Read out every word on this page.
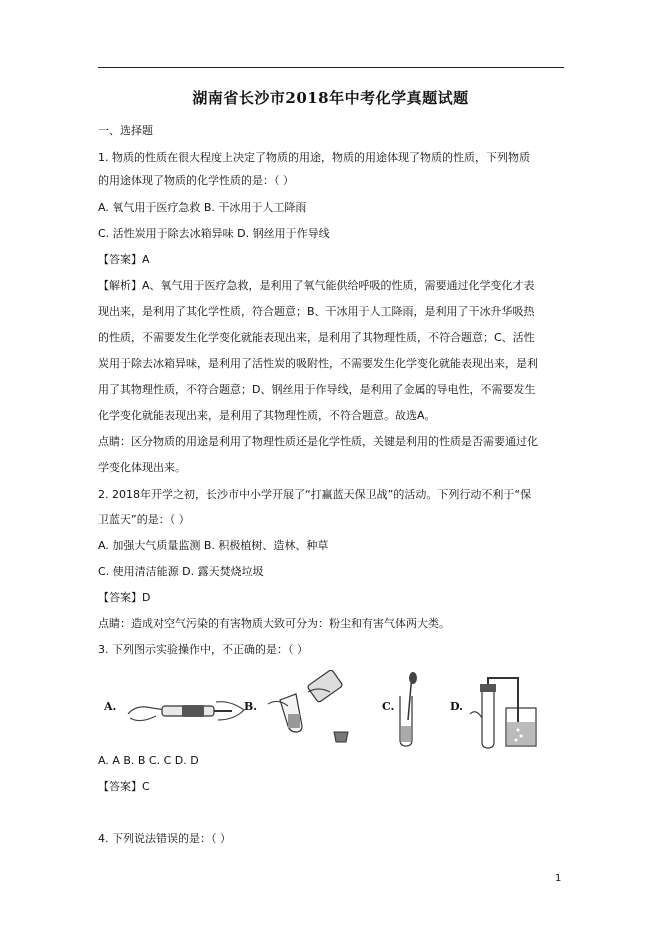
湖南省长沙市2018年中考化学真题试题
一、选择题
1. 物质的性质在很大程度上决定了物质的用途，物质的用途体现了物质的性质，下列物质
的用途体现了物质的化学性质的是：（ ）
A. 氧气用于医疗急救 B. 干冰用于人工降雨
C. 活性炭用于除去冰箱异味 D. 钢丝用于作导线
【答案】A
【解析】A、氧气用于医疗急救，是利用了氧气能供给呼吸的性质，需要通过化学变化才表
现出来，是利用了其化学性质，符合题意；B、干冰用于人工降雨，是利用了干冰升华吸热
的性质，不需要发生化学变化就能表现出来，是利用了其物理性质，不符合题意；C、活性
炭用于除去冰箱异味，是利用了活性炭的吸附性，不需要发生化学变化就能表现出来，是利
用了其物理性质，不符合题意；D、钢丝用于作导线，是利用了金属的导电性，不需要发生
化学变化就能表现出来，是利用了其物理性质，不符合题意。故选A。
点睛：区分物质的用途是利用了物理性质还是化学性质，关键是利用的性质是否需要通过化
学变化体现出来。
2. 2018年开学之初，长沙市中小学开展了“打赢蓝天保卫战”的活动。下列行动不利于“保
卫蓝天”的是：（ ）
A. 加强大气质量监测 B. 积极植树、造林、种草
C. 使用清洁能源 D. 露天焚烧垃圾
【答案】D
点睛：造成对空气污染的有害物质大致可分为：粉尘和有害气体两大类。
3. 下列图示实验操作中，不正确的是：（ ）
A.	B.	C.	D.
A. A B. B C. C D. D
【答案】C
4. 下列说法错误的是：（ ）
1
